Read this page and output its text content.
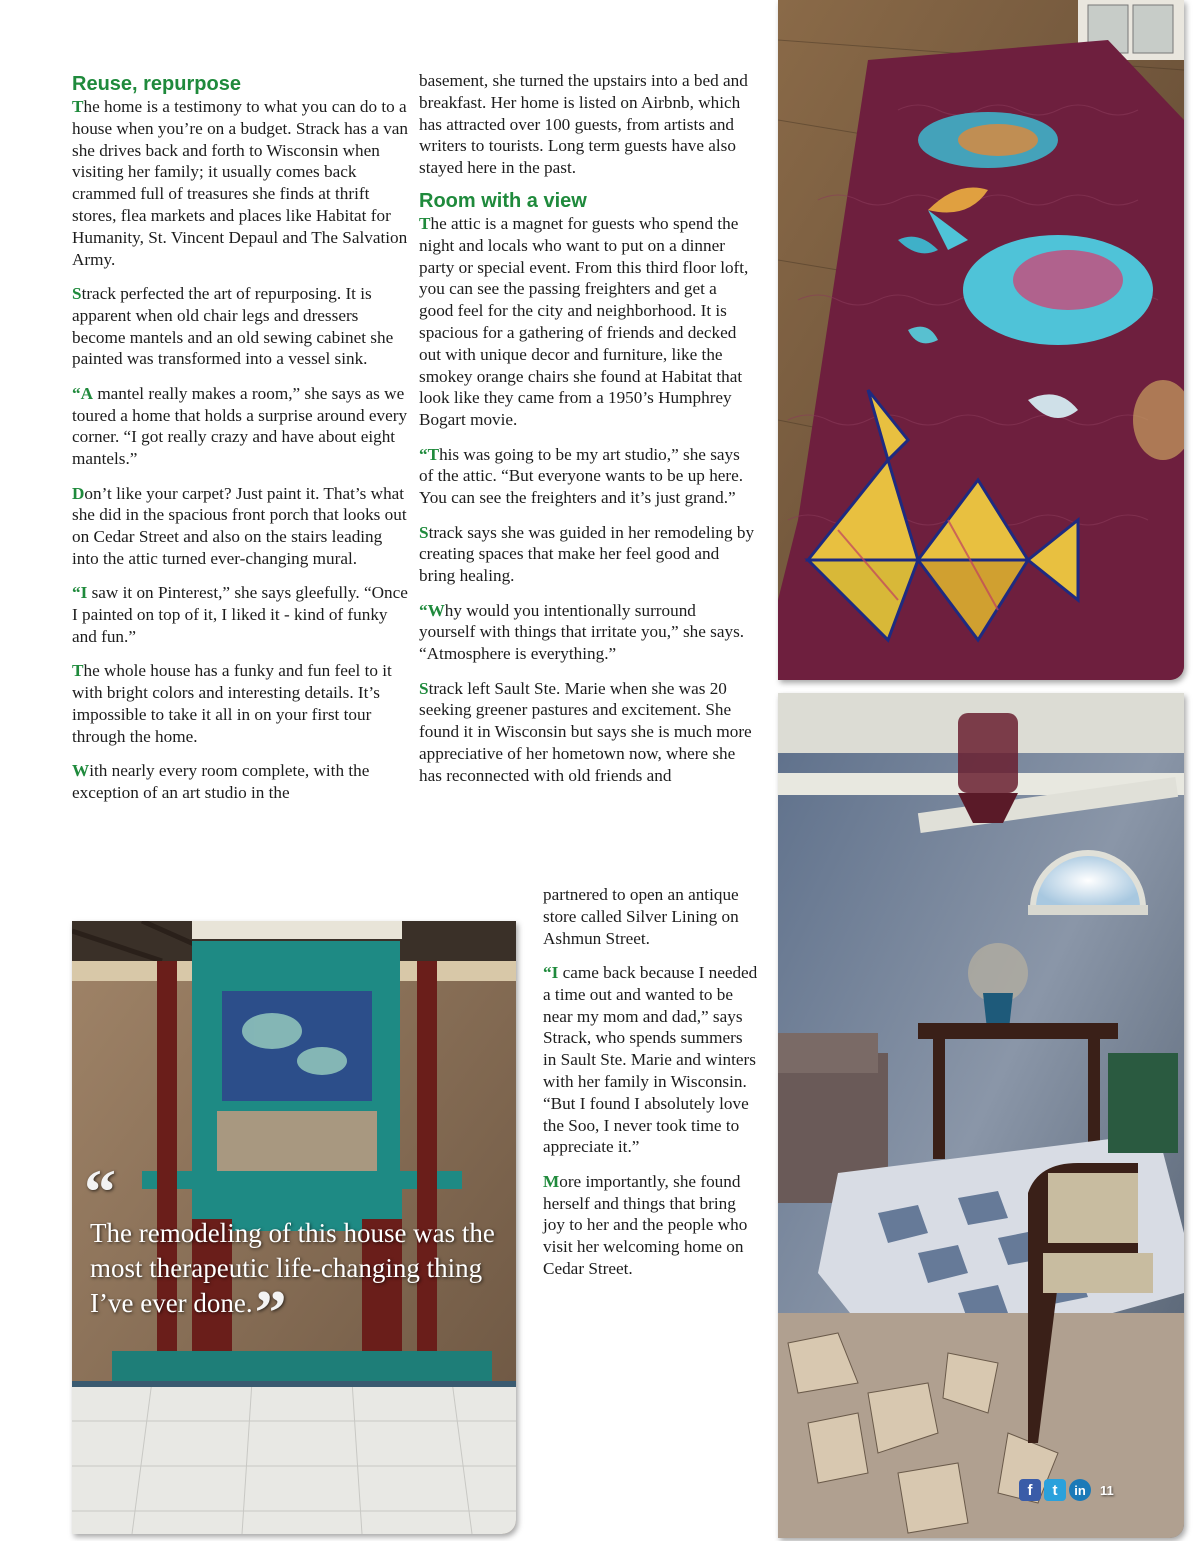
Reuse, repurpose

The home is a testimony to what you can do to a house when you’re on a budget. Strack has a van she drives back and forth to Wisconsin when visiting her family; it usually comes back crammed full of treasures she finds at thrift stores, flea markets and places like Habitat for Humanity, St. Vincent Depaul and The Salvation Army.

Strack perfected the art of repurposing. It is apparent when old chair legs and dressers become mantels and an old sewing cabinet she painted was transformed into a vessel sink.

“A mantel really makes a room,” she says as we toured a home that holds a surprise around every corner. “I got really crazy and have about eight mantels.”

Don’t like your carpet? Just paint it. That’s what she did in the spacious front porch that looks out on Cedar Street and also on the stairs leading into the attic turned ever-changing mural.

“I saw it on Pinterest,” she says gleefully. “Once I painted on top of it, I liked it - kind of funky and fun.”

The whole house has a funky and fun feel to it with bright colors and interesting details. It’s impossible to take it all in on your first tour through the home.

With nearly every room complete, with the exception of an art studio in the

basement, she turned the upstairs into a bed and breakfast. Her home is listed on Airbnb, which has attracted over 100 guests, from artists and writers to tourists. Long term guests have also stayed here in the past.

Room with a view

The attic is a magnet for guests who spend the night and locals who want to put on a dinner party or special event. From this third floor loft, you can see the passing freighters and get a good feel for the city and neighborhood. It is spacious for a gathering of friends and decked out with unique decor and furniture, like the smokey orange chairs she found at Habitat that look like they came from a 1950’s Humphrey Bogart movie.

“This was going to be my art studio,” she says of the attic. “But everyone wants to be up here. You can see the freighters and it’s just grand.”

Strack says she was guided in her remodeling by creating spaces that make her feel good and bring healing.

“Why would you intentionally surround yourself with things that irritate you,” she says. “Atmosphere is everything.”

Strack left Sault Ste. Marie when she was 20 seeking greener pastures and excitement. She found it in Wisconsin but says she is much more appreciative of her hometown now, where she has reconnected with old friends and

partnered to open an antique store called Silver Lining on Ashmun Street.

“I came back because I needed a time out and wanted to be near my mom and dad,” says Strack, who spends summers in Sault Ste. Marie and winters with her family in Wisconsin. “But I found I absolutely love the Soo, I never took time to appreciate it.”

More importantly, she found herself and things that bring joy to her and the people who visit her welcoming home on Cedar Street.

“
The remodeling of this house was the most therapeutic life-changing thing I’ve ever done.”
f	t	in	11
